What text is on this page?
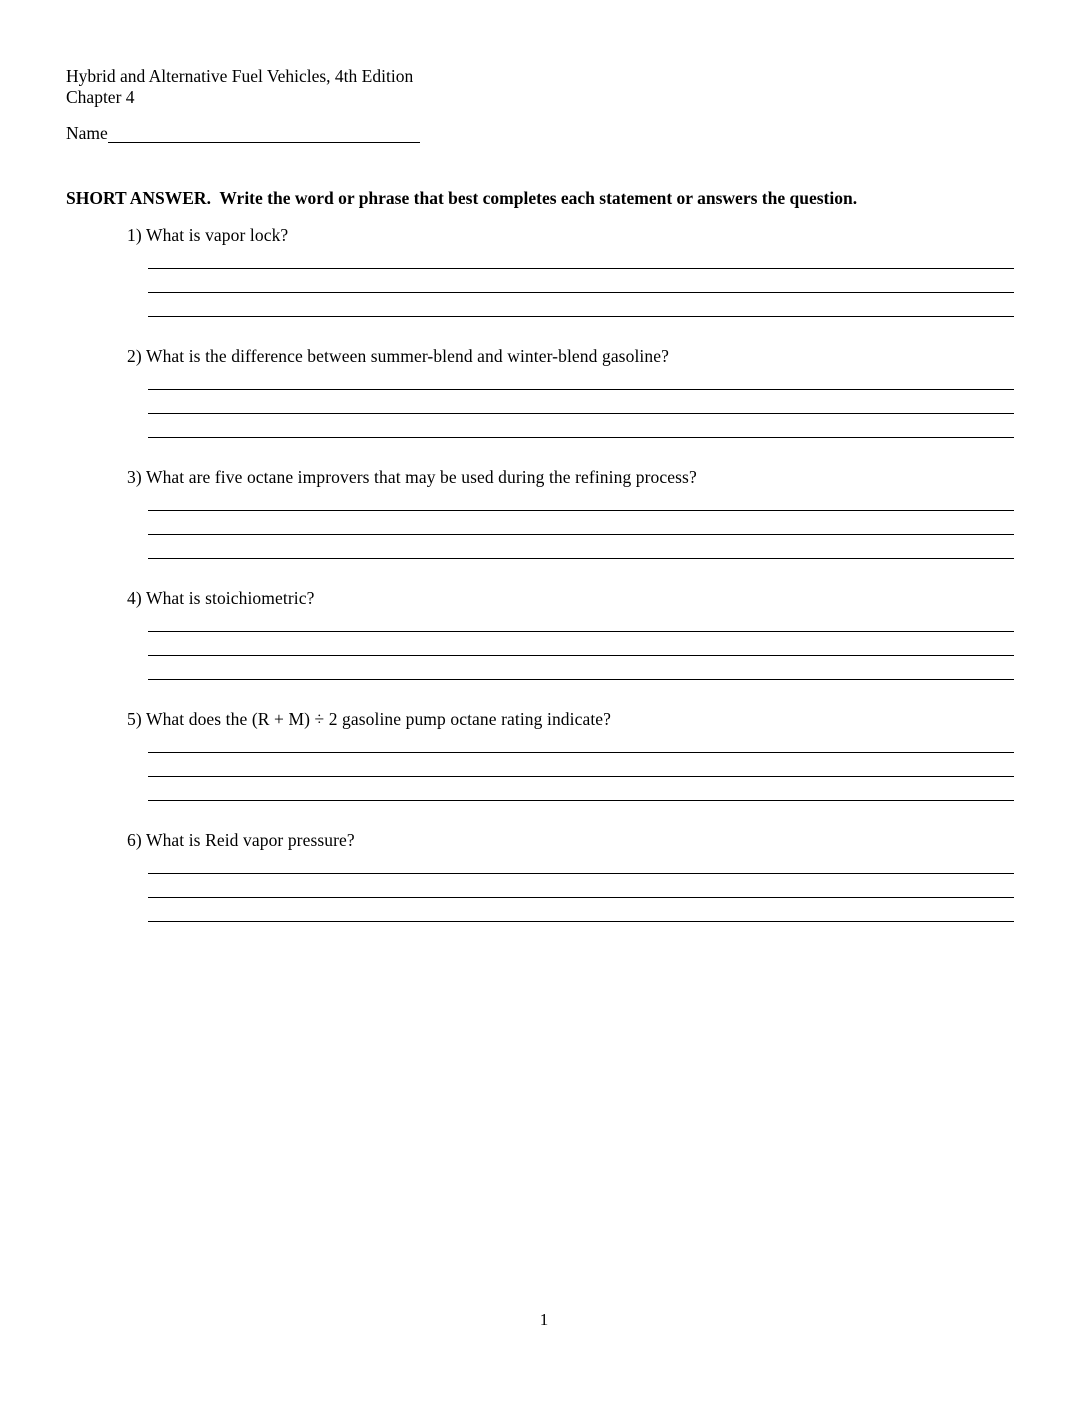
Hybrid and Alternative Fuel Vehicles, 4th Edition
Chapter 4
Name
SHORT ANSWER.  Write the word or phrase that best completes each statement or answers the question.
1) What is vapor lock?
2) What is the difference between summer-blend and winter-blend gasoline?
3) What are five octane improvers that may be used during the refining process?
4) What is stoichiometric?
5) What does the (R + M) ÷ 2 gasoline pump octane rating indicate?
6) What is Reid vapor pressure?
1
